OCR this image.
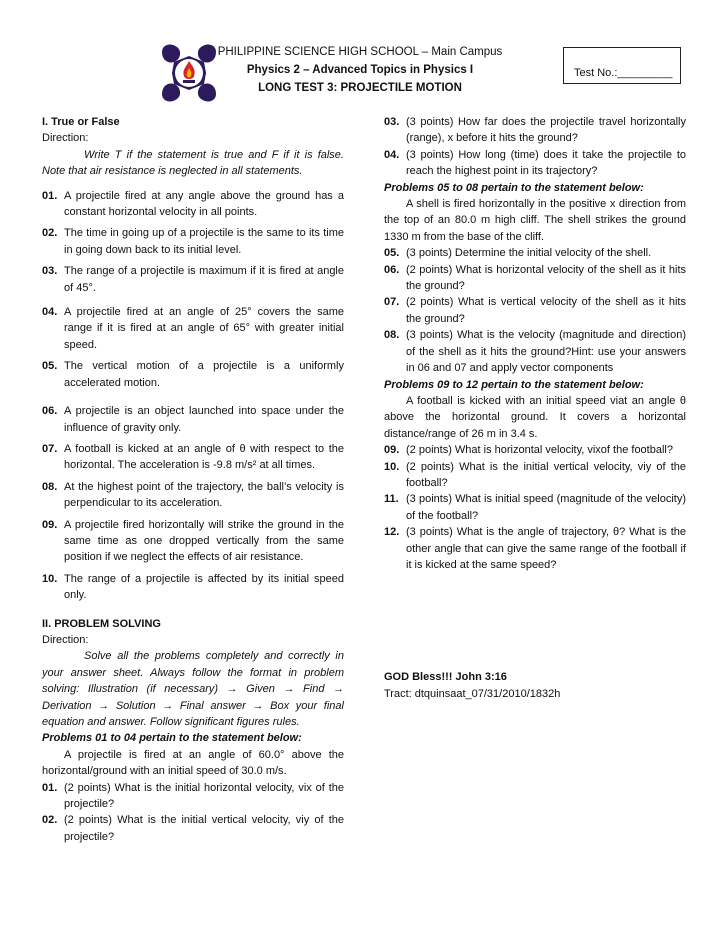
PHILIPPINE SCIENCE HIGH SCHOOL – Main Campus
Physics 2 – Advanced Topics in Physics I
LONG TEST 3: PROJECTILE MOTION
Test No.:_________

I. True or False

Direction:

Write T if the statement is true and F if it is false. Note that air resistance is neglected in all statements.

01. A projectile fired at any angle above the ground has a constant horizontal velocity in all points.

02. The time in going up of a projectile is the same to its time in going down back to its initial level.

03. The range of a projectile is maximum if it is fired at angle of 45°.

04. A projectile fired at an angle of 25° covers the same range if it is fired at an angle of 65° with greater initial speed.

05. The vertical motion of a projectile is a uniformly accelerated motion.

06. A projectile is an object launched into space under the influence of gravity only.

07. A football is kicked at an angle of θ with respect to the horizontal. The acceleration is -9.8 m/s² at all times.

08. At the highest point of the trajectory, the ball’s velocity is perpendicular to its acceleration.

09. A projectile fired horizontally will strike the ground in the same time as one dropped vertically from the same position if we neglect the effects of air resistance.

10. The range of a projectile is affected by its initial speed only.

II. PROBLEM SOLVING

Direction:

Solve all the problems completely and correctly in your answer sheet. Always follow the format in problem solving: Illustration (if necessary) → Given → Find → Derivation → Solution → Final answer → Box your final equation and answer. Follow significant figures rules.

Problems 01 to 04 pertain to the statement below:

A projectile is fired at an angle of 60.0° above the horizontal/ground with an initial speed of 30.0 m/s.

01. (2 points) What is the initial horizontal velocity, vix of the projectile?

02. (2 points) What is the initial vertical velocity, viy of the projectile?

03. (3 points) How far does the projectile travel horizontally (range), x before it hits the ground?

04. (3 points) How long (time) does it take the projectile to reach the highest point in its trajectory?

Problems 05 to 08 pertain to the statement below:

A shell is fired horizontally in the positive x direction from the top of an 80.0 m high cliff. The shell strikes the ground 1330 m from the base of the cliff.

05. (3 points) Determine the initial velocity of the shell.

06. (2 points) What is horizontal velocity of the shell as it hits the ground?

07. (2 points) What is vertical velocity of the shell as it hits the ground?

08. (3 points) What is the velocity (magnitude and direction) of the shell as it hits the ground?Hint: use your answers in 06 and 07 and apply vector components

Problems 09 to 12 pertain to the statement below:

A football is kicked with an initial speed viat an angle θ above the horizontal ground. It covers a horizontal distance/range of 26 m in 3.4 s.

09. (2 points) What is horizontal velocity, vixof the football?

10. (2 points) What is the initial vertical velocity, viy of the football?

11. (3 points) What is initial speed (magnitude of the velocity) of the football?

12. (3 points) What is the angle of trajectory, θ? What is the other angle that can give the same range of the football if it is kicked at the same speed?

GOD Bless!!! John 3:16

Tract: dtquinsaat_07/31/2010/1832h
